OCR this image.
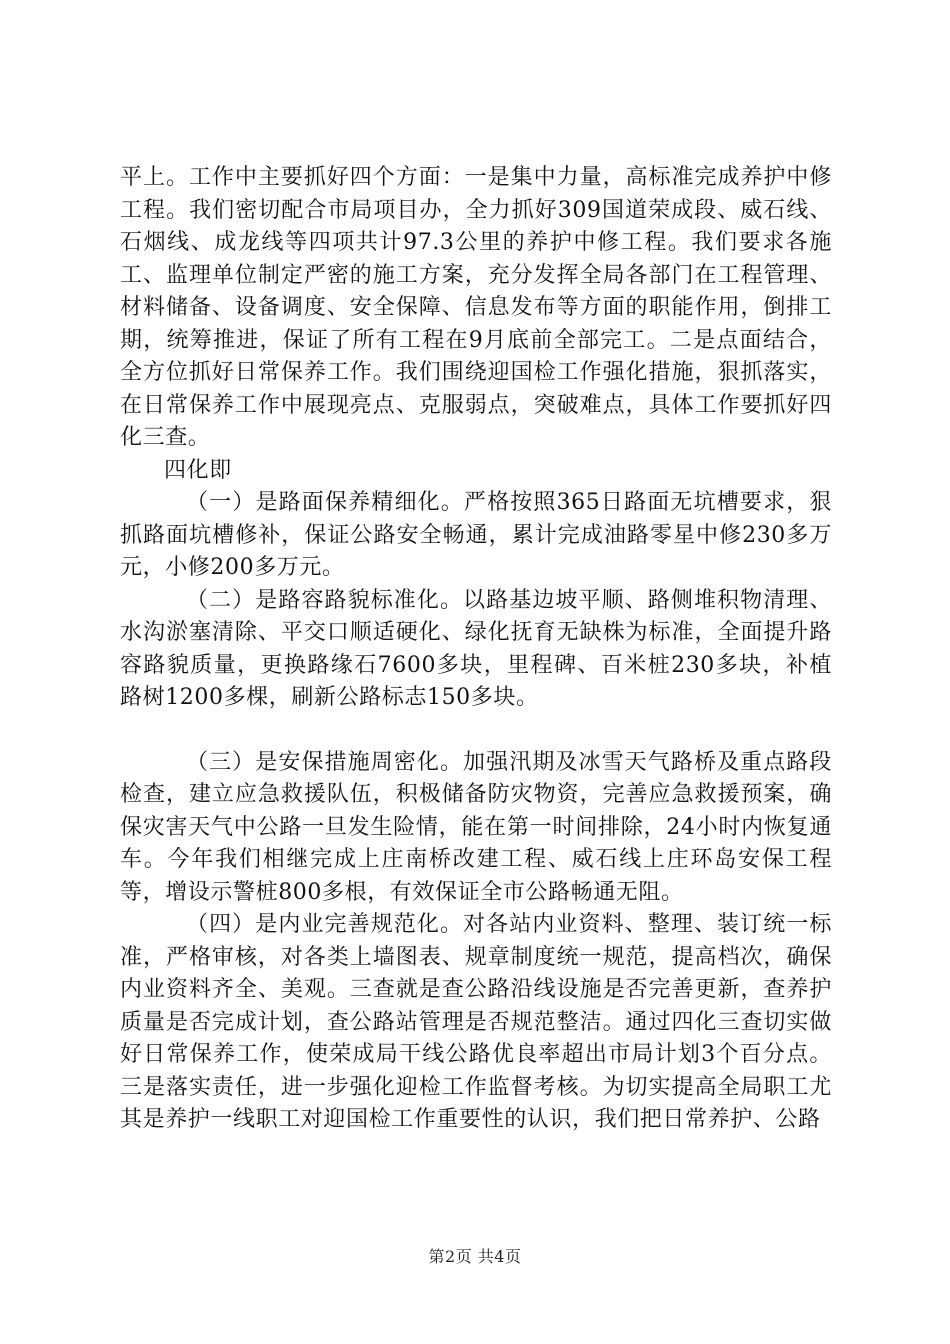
平上。工作中主要抓好四个方面：一是集中力量，高标准完成养护中修工程。我们密切配合市局项目办，全力抓好309国道荣成段、威石线、石烟线、成龙线等四项共计97.3公里的养护中修工程。我们要求各施工、监理单位制定严密的施工方案，充分发挥全局各部门在工程管理、材料储备、设备调度、安全保障、信息发布等方面的职能作用，倒排工期，统筹推进，保证了所有工程在9月底前全部完工。二是点面结合，全方位抓好日常保养工作。我们围绕迎国检工作强化措施，狠抓落实，在日常保养工作中展现亮点、克服弱点，突破难点，具体工作要抓好四化三查。

四化即

（一）是路面保养精细化。严格按照365日路面无坑槽要求，狠抓路面坑槽修补，保证公路安全畅通，累计完成油路零星中修230多万元，小修200多万元。

（二）是路容路貌标准化。以路基边坡平顺、路侧堆积物清理、水沟淤塞清除、平交口顺适硬化、绿化抚育无缺株为标准，全面提升路容路貌质量，更换路缘石7600多块，里程碑、百米桩230多块，补植路树1200多棵，刷新公路标志150多块。

（三）是安保措施周密化。加强汛期及冰雪天气路桥及重点路段检查，建立应急救援队伍，积极储备防灾物资，完善应急救援预案，确保灾害天气中公路一旦发生险情，能在第一时间排除，24小时内恢复通车。今年我们相继完成上庄南桥改建工程、威石线上庄环岛安保工程等，增设示警桩800多根，有效保证全市公路畅通无阻。

（四）是内业完善规范化。对各站内业资料、整理、装订统一标准，严格审核，对各类上墙图表、规章制度统一规范，提高档次，确保内业资料齐全、美观。三查就是查公路沿线设施是否完善更新，查养护质量是否完成计划，查公路站管理是否规范整洁。通过四化三查切实做好日常保养工作，使荣成局干线公路优良率超出市局计划3个百分点。三是落实责任，进一步强化迎检工作监督考核。为切实提高全局职工尤其是养护一线职工对迎国检工作重要性的认识，我们把日常养护、公路

第2页 共4页
